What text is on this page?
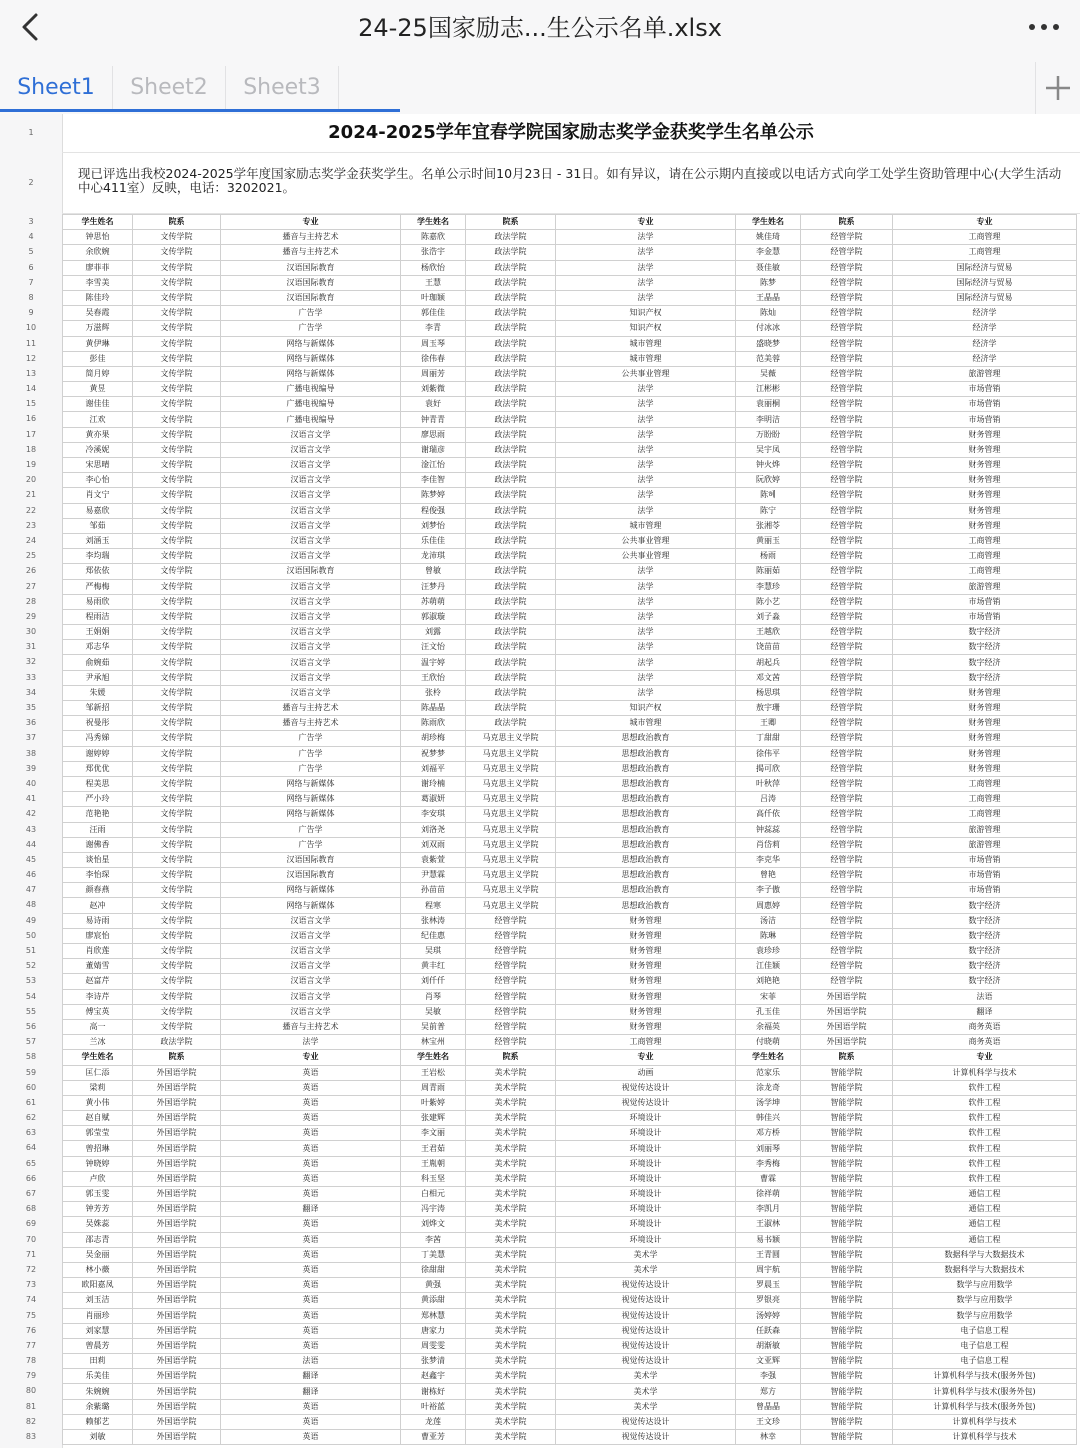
24-25国家励志...生公示名单.xlsx
Sheet1	Sheet2	Sheet3
1
2
3
4
5
6
7
8
9
10
11
12
13
14
15
16
17
18
19
20
21
22
23
24
25
26
27
28
29
30
31
32
33
34
35
36
37
38
39
40
41
42
43
44
45
46
47
48
49
50
51
52
53
54
55
56
57
58
59
60
61
62
63
64
65
66
67
68
69
70
71
72
73
74
75
76
77
78
79
80
81
82
83
2024-2025学年宜春学院国家励志奖学金获奖学生名单公示
现已评选出我校2024-2025学年度国家励志奖学金获奖学生。名单公示时间10月23日 - 31日。如有异议，请在公示期内直接或以电话方式向学工处学生资助管理中心(大学生活动中心411室）反映，电话：3202021。
学生姓名	院系	专业	学生姓名	院系	专业	学生姓名	院系	专业
钟思怡	文传学院	播音与主持艺术	陈嘉欣	政法学院	法学	姚佳琦	经管学院	工商管理
余欣婉	文传学院	播音与主持艺术	张浩宇	政法学院	法学	李金慧	经管学院	工商管理
廖菲菲	文传学院	汉语国际教育	杨欣怡	政法学院	法学	聂佳敏	经管学院	国际经济与贸易
李雪美	文传学院	汉语国际教育	王慧	政法学院	法学	陈梦	经管学院	国际经济与贸易
陈佳玲	文传学院	汉语国际教育	叶珈颖	政法学院	法学	王晶晶	经管学院	国际经济与贸易
吴春霞	文传学院	广告学	郭佳佳	政法学院	知识产权	陈灿	经管学院	经济学
万滋辉	文传学院	广告学	李青	政法学院	知识产权	付冰冰	经管学院	经济学
黄伊琳	文传学院	网络与新媒体	周玉琴	政法学院	城市管理	盛晓梦	经管学院	经济学
彭佳	文传学院	网络与新媒体	徐伟春	政法学院	城市管理	范美蓉	经管学院	经济学
简月婷	文传学院	网络与新媒体	周丽芳	政法学院	公共事业管理	吴薇	经管学院	旅游管理
黄昱	文传学院	广播电视编导	刘紫微	政法学院	法学	江彬彬	经管学院	市场营销
谢佳佳	文传学院	广播电视编导	袁好	政法学院	法学	袁丽桐	经管学院	市场营销
江欢	文传学院	广播电视编导	钟青青	政法学院	法学	李明洁	经管学院	市场营销
黄亦果	文传学院	汉语言文学	廖思雨	政法学院	法学	万盼盼	经管学院	财务管理
冷溪妮	文传学院	汉语言文学	谢瑞彦	政法学院	法学	吴宇凤	经管学院	财务管理
宋思晴	文传学院	汉语言文学	淦江怡	政法学院	法学	钟火烨	经管学院	财务管理
李心怡	文传学院	汉语言文学	李佳智	政法学院	法学	阮欣婷	经管学院	财务管理
肖文宁	文传学院	汉语言文学	陈梦婷	政法学院	法学	陈혜	经管学院	财务管理
易嘉欣	文传学院	汉语言文学	程俊强	政法学院	法学	陈宁	经管学院	财务管理
邹茹	文传学院	汉语言文学	刘梦怡	政法学院	城市管理	张湘苓	经管学院	财务管理
刘涵玉	文传学院	汉语言文学	乐佳佳	政法学院	公共事业管理	黄丽玉	经管学院	工商管理
李均瑞	文传学院	汉语言文学	龙沛琪	政法学院	公共事业管理	杨雨	经管学院	工商管理
郑依依	文传学院	汉语国际教育	曾敏	政法学院	法学	陈丽茹	经管学院	工商管理
严梅梅	文传学院	汉语言文学	汪梦丹	政法学院	法学	李慧珍	经管学院	旅游管理
易雨欣	文传学院	汉语言文学	苏萌萌	政法学院	法学	陈小艺	经管学院	市场营销
程雨洁	文传学院	汉语言文学	郭淑璇	政法学院	法学	刘子淼	经管学院	市场营销
王娟娟	文传学院	汉语言文学	刘露	政法学院	法学	王越欣	经管学院	数字经济
邓志华	文传学院	汉语言文学	汪文怡	政法学院	法学	饶苗苗	经管学院	数字经济
俞婉茹	文传学院	汉语言文学	温宇婷	政法学院	法学	胡起兵	经管学院	数字经济
尹承旭	文传学院	汉语言文学	王欣怡	政法学院	法学	邓文茜	经管学院	数字经济
朱媛	文传学院	汉语言文学	张柃	政法学院	法学	杨思琪	经管学院	财务管理
邹新招	文传学院	播音与主持艺术	陈晶晶	政法学院	知识产权	敖宇珊	经管学院	财务管理
祝曼彤	文传学院	播音与主持艺术	陈雨欣	政法学院	城市管理	王卿	经管学院	财务管理
冯秀娣	文传学院	广告学	胡珍梅	马克思主义学院	思想政治教育	丁甜甜	经管学院	财务管理
谢婷婷	文传学院	广告学	祝梦梦	马克思主义学院	思想政治教育	徐伟平	经管学院	财务管理
郑优优	文传学院	广告学	刘福平	马克思主义学院	思想政治教育	揭可欣	经管学院	财务管理
程美思	文传学院	网络与新媒体	谢玲楠	马克思主义学院	思想政治教育	叶秋萍	经管学院	工商管理
严小玲	文传学院	网络与新媒体	葛淑妍	马克思主义学院	思想政治教育	吕涛	经管学院	工商管理
范艳艳	文传学院	网络与新媒体	李安琪	马克思主义学院	思想政治教育	高仟依	经管学院	工商管理
汪雨	文传学院	广告学	刘洛尧	马克思主义学院	思想政治教育	钟蕊蕊	经管学院	旅游管理
谢佛香	文传学院	广告学	刘双雨	马克思主义学院	思想政治教育	肖岱莉	经管学院	旅游管理
谈怡星	文传学院	汉语国际教育	袁紫萱	马克思主义学院	思想政治教育	李克华	经管学院	市场营销
李怡琛	文传学院	汉语国际教育	尹慧霖	马克思主义学院	思想政治教育	曾艳	经管学院	市场营销
颜春燕	文传学院	网络与新媒体	孙苗苗	马克思主义学院	思想政治教育	李子傲	经管学院	市场营销
赵冲	文传学院	网络与新媒体	程寒	马克思主义学院	思想政治教育	周惠婷	经管学院	数字经济
易诗雨	文传学院	汉语言文学	张林涛	经管学院	财务管理	汤洁	经管学院	数字经济
廖宸怡	文传学院	汉语言文学	纪佳惠	经管学院	财务管理	陈琳	经管学院	数字经济
肖欣莲	文传学院	汉语言文学	吴琪	经管学院	财务管理	袁珍珍	经管学院	数字经济
董婧雪	文传学院	汉语言文学	黄丰红	经管学院	财务管理	江佳颖	经管学院	数字经济
赵富芹	文传学院	汉语言文学	刘仟仟	经管学院	财务管理	刘艳艳	经管学院	数字经济
李诗芹	文传学院	汉语言文学	肖琴	经管学院	财务管理	宋菲	外国语学院	法语
傅宝英	文传学院	汉语言文学	吴敏	经管学院	财务管理	孔玉佳	外国语学院	翻译
高一	文传学院	播音与主持艺术	吴前普	经管学院	财务管理	余福英	外国语学院	商务英语
兰冰	政法学院	法学	林宝州	经管学院	工商管理	付晓萌	外国语学院	商务英语
学生姓名	院系	专业	学生姓名	院系	专业	学生姓名	院系	专业
匡仁添	外国语学院	英语	王岩松	美术学院	动画	范家乐	智能学院	计算机科学与技术
梁莉	外国语学院	英语	周青雨	美术学院	视觉传达设计	涂龙奇	智能学院	软件工程
黄小伟	外国语学院	英语	叶紫婷	美术学院	视觉传达设计	汤学坤	智能学院	软件工程
赵自赋	外国语学院	英语	张建辉	美术学院	环境设计	韩佳兴	智能学院	软件工程
郭莹莹	外国语学院	英语	李文丽	美术学院	环境设计	邓方桥	智能学院	软件工程
曾招琳	外国语学院	英语	王君茹	美术学院	环境设计	刘丽琴	智能学院	软件工程
钟晓婷	外国语学院	英语	王胤朝	美术学院	环境设计	李秀梅	智能学院	软件工程
卢欣	外国语学院	英语	科玉坚	美术学院	环境设计	曹霖	智能学院	软件工程
郭玉雯	外国语学院	英语	白相元	美术学院	环境设计	徐祥萌	智能学院	通信工程
钟芳芳	外国语学院	翻译	冯宇涛	美术学院	环境设计	李凯月	智能学院	通信工程
吴姝蕊	外国语学院	英语	刘烨文	美术学院	环境设计	王淑林	智能学院	通信工程
邵志青	外国语学院	英语	李茜	美术学院	环境设计	易书颖	智能学院	通信工程
吴金丽	外国语学院	英语	丁美慧	美术学院	美术学	王青圆	智能学院	数据科学与大数据技术
林小薇	外国语学院	英语	徐甜甜	美术学院	美术学	周宇航	智能学院	数据科学与大数据技术
欧阳嘉凤	外国语学院	英语	黄强	美术学院	视觉传达设计	罗晨玉	智能学院	数学与应用数学
刘玉洁	外国语学院	英语	黄添甜	美术学院	视觉传达设计	罗银亮	智能学院	数学与应用数学
肖丽珍	外国语学院	英语	郑林慧	美术学院	视觉传达设计	汤婷婷	智能学院	数学与应用数学
刘家慧	外国语学院	英语	唐家力	美术学院	视觉传达设计	任跃森	智能学院	电子信息工程
曾晨芳	外国语学院	英语	周雯雯	美术学院	视觉传达设计	胡渐敏	智能学院	电子信息工程
田莉	外国语学院	法语	张梦清	美术学院	视觉传达设计	文亚辉	智能学院	电子信息工程
乐美佳	外国语学院	翻译	赵鑫宇	美术学院	美术学	李强	智能学院	计算机科学与技术(服务外包)
朱婉婉	外国语学院	翻译	谢栋好	美术学院	美术学	郑方	智能学院	计算机科学与技术(服务外包)
余紫璐	外国语学院	英语	叶裕蓝	美术学院	美术学	曾晶晶	智能学院	计算机科学与技术(服务外包)
赖郁艺	外国语学院	英语	龙莲	美术学院	视觉传达设计	王文珍	智能学院	计算机科学与技术
刘敏	外国语学院	英语	曹亚芳	美术学院	视觉传达设计	林幸	智能学院	计算机科学与技术
